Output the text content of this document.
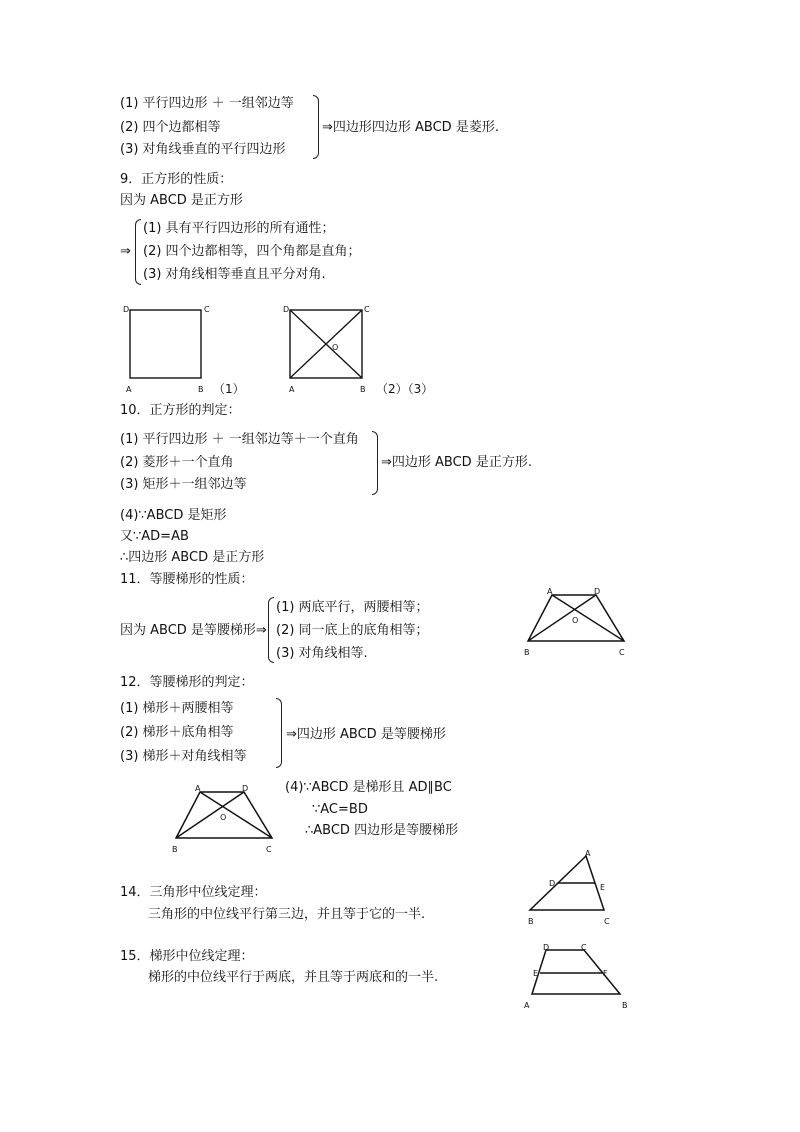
(1) 平行四边形 ＋ 一组邻边等
(2) 四个边都相等
(3) 对角线垂直的平行四边形
⇒四边形四边形 ABCD 是菱形.
9．正方形的性质：
因为 ABCD 是正方形
⇒
(1) 具有平行四边形的所有通性；
(2) 四个边都相等，四个角都是直角；
(3) 对角线相等垂直且平分对角.
D	C
A	B （1）
D	C
O
A	B （2）（3）
10．正方形的判定：
(1) 平行四边形 ＋ 一组邻边等＋一个直角
(2) 菱形＋一个直角
(3) 矩形＋一组邻边等
⇒四边形 ABCD 是正方形.
(4)∵ABCD 是矩形
又∵AD=AB
∴四边形 ABCD 是正方形
11．等腰梯形的性质：
因为 ABCD 是等腰梯形⇒
(1) 两底平行，两腰相等；
(2) 同一底上的底角相等；
(3) 对角线相等.
A	D
O
B	C
12．等腰梯形的判定：
(1) 梯形＋两腰相等
(2) 梯形＋底角相等
(3) 梯形＋对角线相等
⇒四边形 ABCD 是等腰梯形
A	D
O
B	C
(4)∵ABCD 是梯形且 AD∥BC
∵AC=BD
∴ABCD 四边形是等腰梯形
14．三角形中位线定理：
三角形的中位线平行第三边，并且等于它的一半.
A
D	E
B	C
15．梯形中位线定理：
梯形的中位线平行于两底，并且等于两底和的一半.
D	C
E	F
A	B
